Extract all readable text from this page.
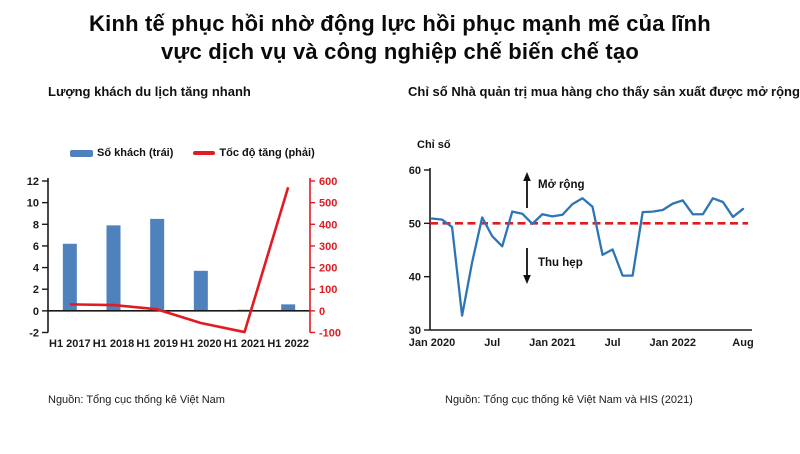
Kinh tế phục hồi nhờ động lực hồi phục mạnh mẽ của lĩnh
vực dịch vụ và công nghiệp chế biến chế tạo
Lượng khách du lịch tăng nhanh	Chỉ số Nhà quản trị mua hàng cho thấy sản xuất được mở rộng
Số khách (trái)	Tốc độ tăng (phải)
-2
0
2
4
6
8
10
12
-100
0
100
200
300
400
500
600
H1 2017 H1 2018 H1 2019 H1 2020 H1 2021 H1 2022
Chỉ số
30
40
50
60
Jan 2020	Jul	Jan 2021	Jul	Jan 2022	Aug
Mở rộng
Thu hẹp
Nguồn: Tổng cục thống kê Việt Nam	Nguồn: Tổng cục thống kê Việt Nam và HIS (2021)
